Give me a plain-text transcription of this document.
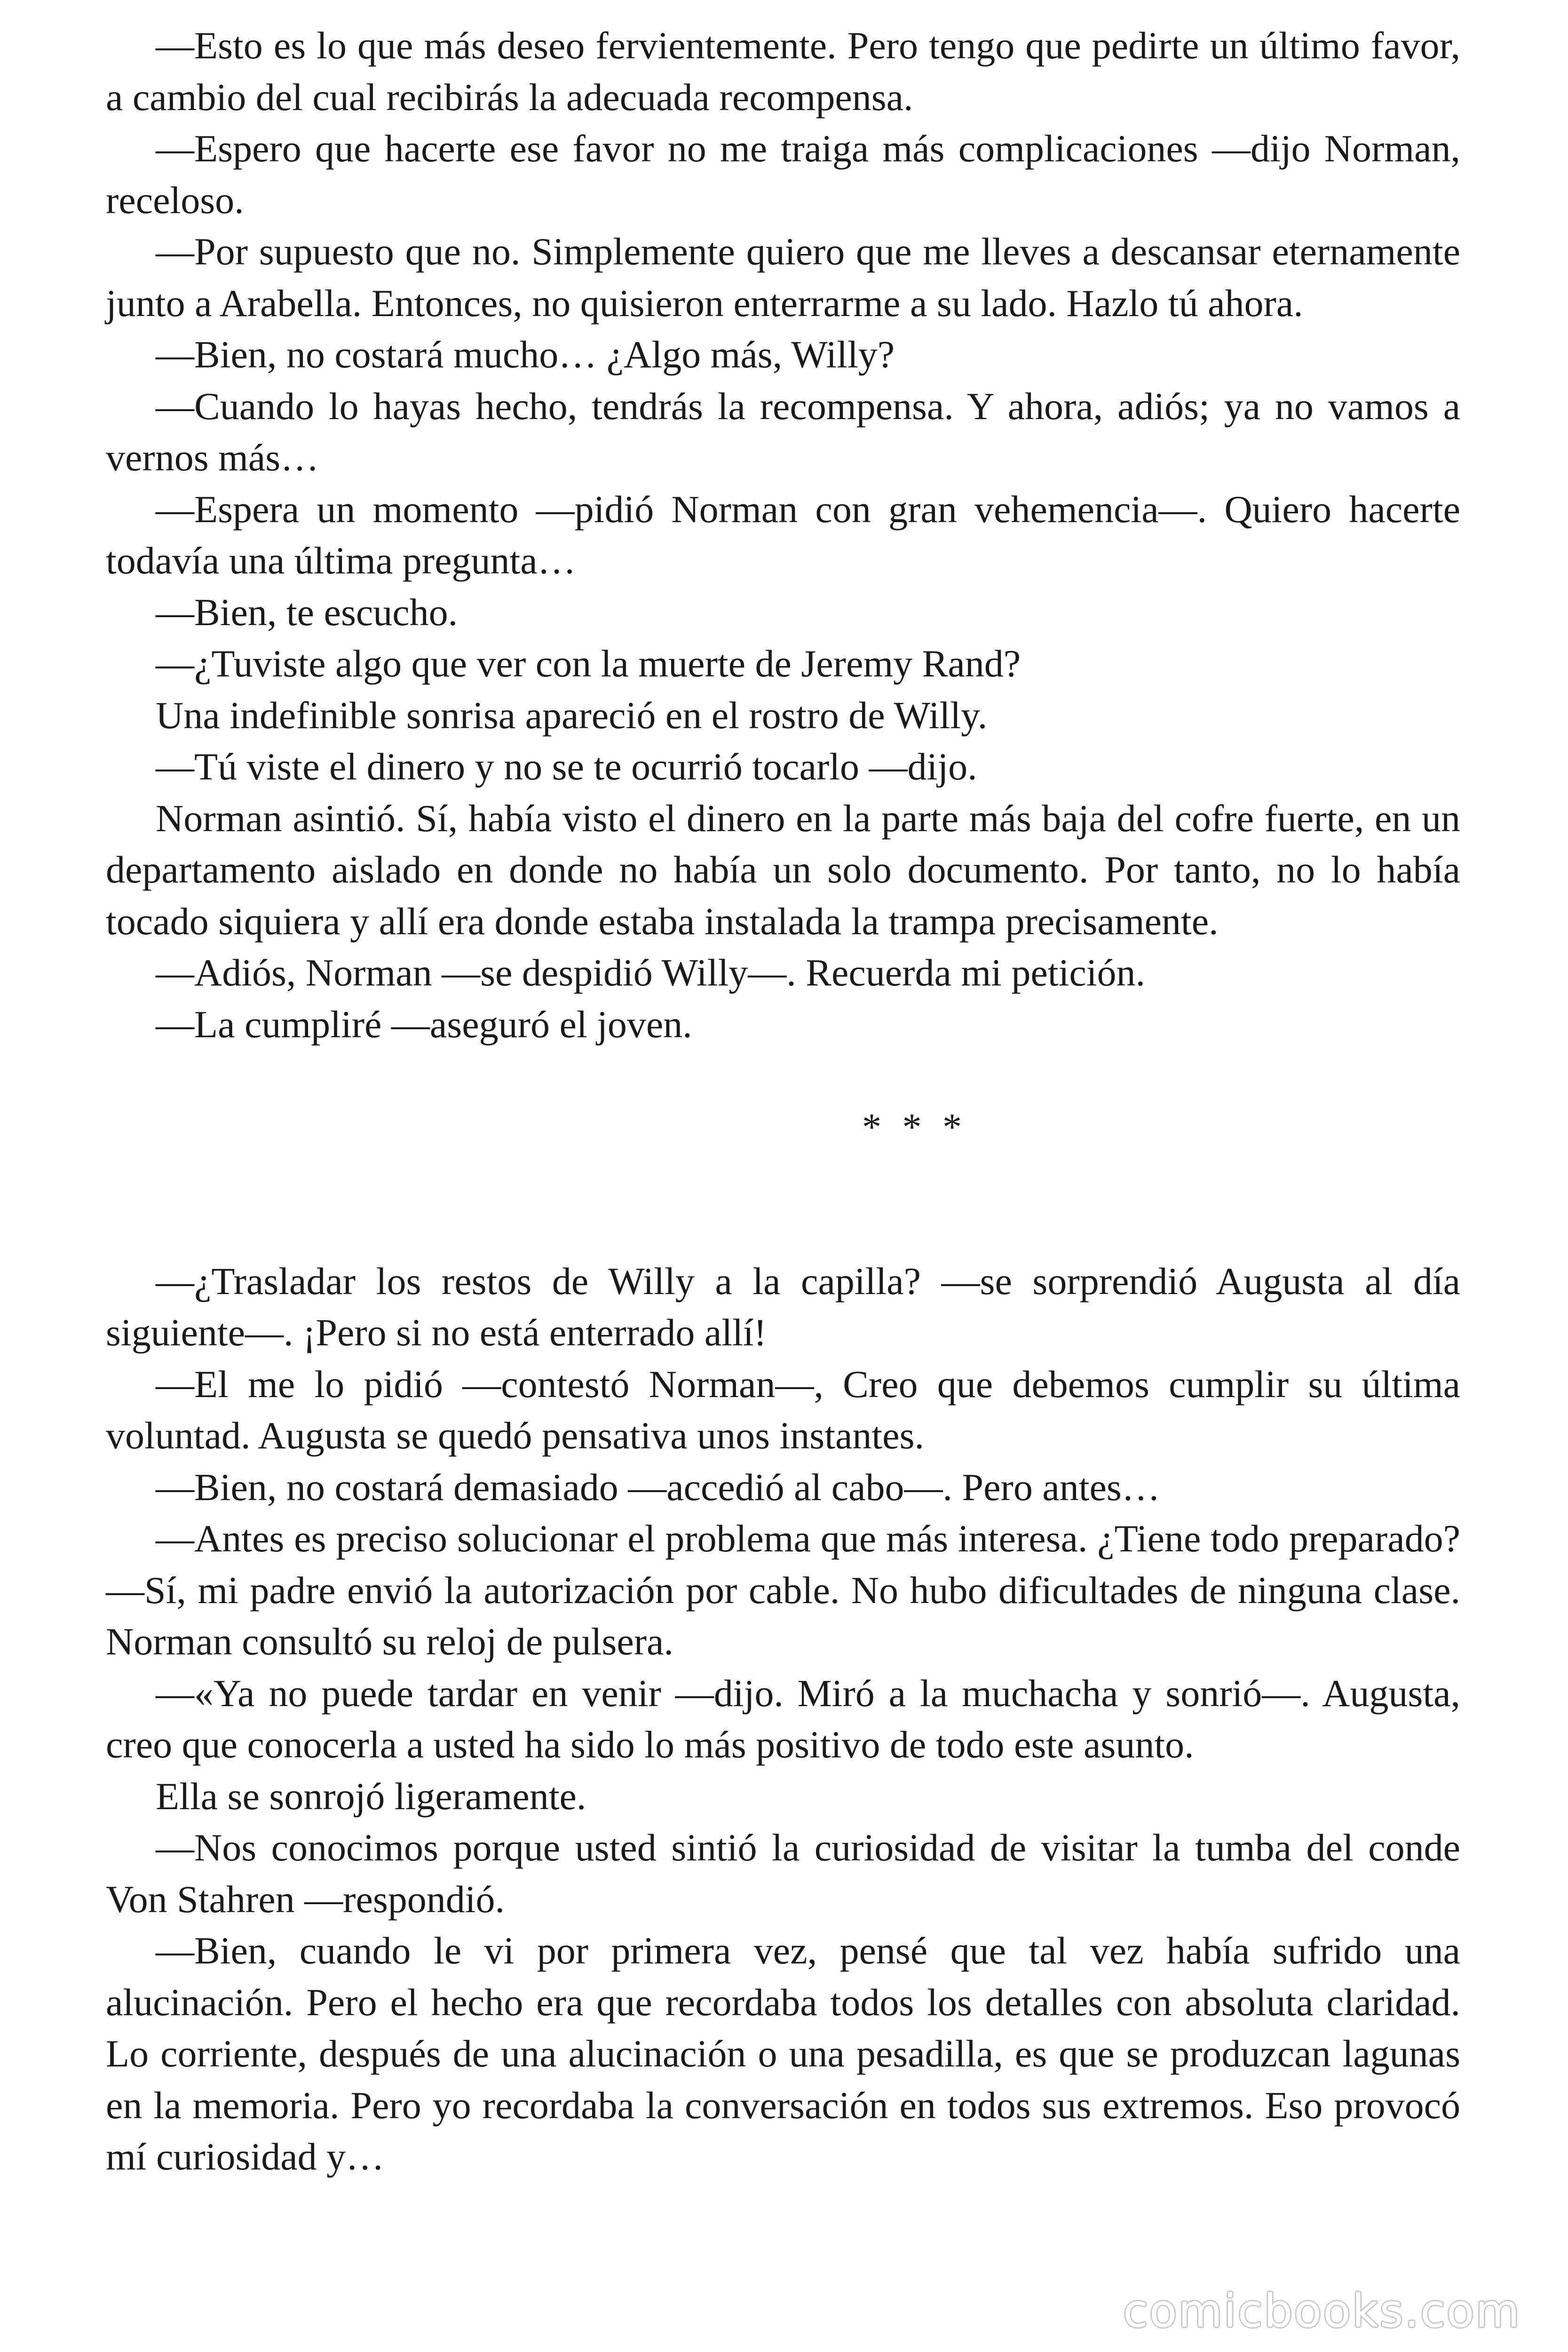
—Esto es lo que más deseo fervientemente. Pero tengo que pedirte un último favor, a cambio del cual recibirás la adecuada recompensa.

—Espero que hacerte ese favor no me traiga más complicaciones —dijo Norman, receloso.

—Por supuesto que no. Simplemente quiero que me lleves a descansar eternamente junto a Arabella. Entonces, no quisieron enterrarme a su lado. Hazlo tú ahora.

—Bien, no costará mucho… ¿Algo más, Willy?

—Cuando lo hayas hecho, tendrás la recompensa. Y ahora, adiós; ya no vamos a vernos más…

—Espera un momento —pidió Norman con gran vehemencia—. Quiero hacerte todavía una última pregunta…

—Bien, te escucho.

—¿Tuviste algo que ver con la muerte de Jeremy Rand?

Una indefinible sonrisa apareció en el rostro de Willy.

—Tú viste el dinero y no se te ocurrió tocarlo —dijo.

Norman asintió. Sí, había visto el dinero en la parte más baja del cofre fuerte, en un departamento aislado en donde no había un solo documento. Por tanto, no lo había tocado siquiera y allí era donde estaba instalada la trampa precisamente.

—Adiós, Norman —se despidió Willy—. Recuerda mi petición.

—La cumpliré —aseguró el joven.

* * *

—¿Trasladar los restos de Willy a la capilla? —se sorprendió Augusta al día siguiente—. ¡Pero si no está enterrado allí!

—El me lo pidió —contestó Norman—, Creo que debemos cumplir su última voluntad. Augusta se quedó pensativa unos instantes.

—Bien, no costará demasiado —accedió al cabo—. Pero antes…

—Antes es preciso solucionar el problema que más interesa. ¿Tiene todo preparado? —Sí, mi padre envió la autorización por cable. No hubo dificultades de ninguna clase. Norman consultó su reloj de pulsera.

—«Ya no puede tardar en venir —dijo. Miró a la muchacha y sonrió—. Augusta, creo que conocerla a usted ha sido lo más positivo de todo este asunto.

Ella se sonrojó ligeramente.

—Nos conocimos porque usted sintió la curiosidad de visitar la tumba del conde Von Stahren —respondió.

—Bien, cuando le vi por primera vez, pensé que tal vez había sufrido una alucinación. Pero el hecho era que recordaba todos los detalles con absoluta claridad. Lo corriente, después de una alucinación o una pesadilla, es que se produzcan lagunas en la memoria. Pero yo recordaba la conversación en todos sus extremos. Eso provocó mí curiosidad y…

comicbooks.com
